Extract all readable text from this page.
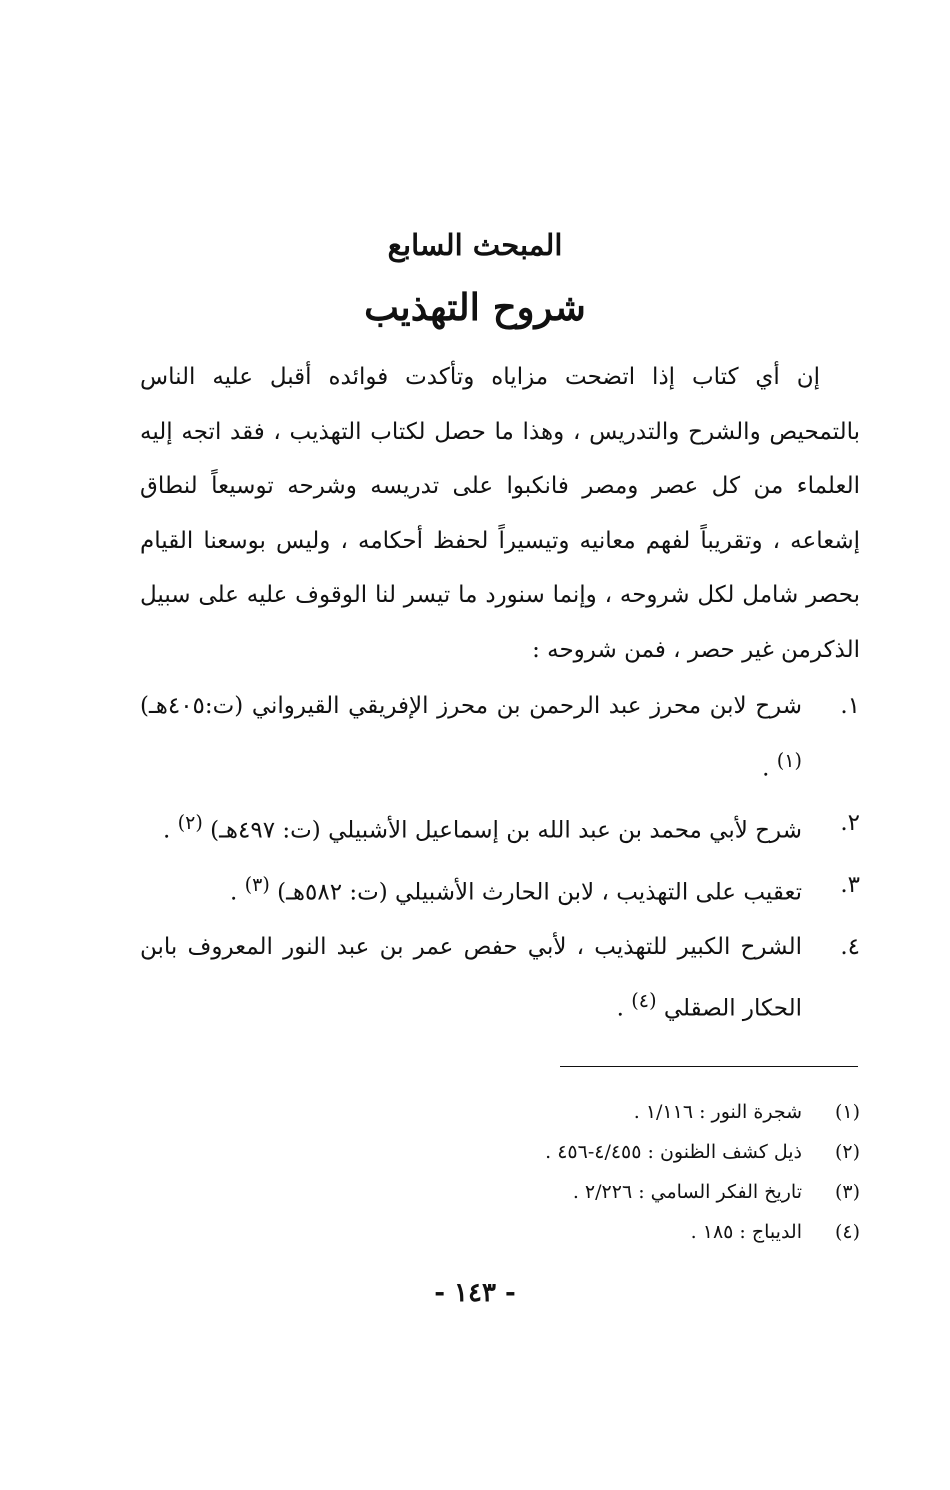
المبحث السابع
شروح التهذيب

إن أي كتاب إذا اتضحت مزاياه وتأكدت فوائده أقبل عليه الناس بالتمحيص والشرح والتدريس ، وهذا ما حصل لكتاب التهذيب ، فقد اتجه إليه العلماء من كل عصر ومصر فانكبوا على تدريسه وشرحه توسيعاً لنطاق إشعاعه ، وتقريباً لفهم معانيه وتيسيراً لحفظ أحكامه ، وليس بوسعنا القيام بحصر شامل لكل شروحه ، وإنما سنورد ما تيسر لنا الوقوف عليه على سبيل الذكرمن غير حصر ، فمن شروحه :

١.
شرح لابن محرز عبد الرحمن بن محرز الإفريقي القيرواني (ت:٤٠٥هـ) $^{(١)}$ .
٢.
شرح لأبي محمد بن عبد الله بن إسماعيل الأشبيلي (ت: ٤٩٧هـ) $^{(٢)}$ .
٣.
تعقيب على التهذيب ، لابن الحارث الأشبيلي (ت: ٥٨٢هـ) $^{(٣)}$ .
٤.
الشرح الكبير للتهذيب ، لأبي حفص عمر بن عبد النور المعروف بابن الحكار الصقلي $^{(٤)}$ .
(١)
شجرة النور : ١/١١٦ .
(٢)
ذيل كشف الظنون : ٤/٤٥٥-٤٥٦ .
(٣)
تاريخ الفكر السامي : ٢/٢٢٦ .
(٤)
الديباج : ١٨٥ .
- ١٤٣ -
